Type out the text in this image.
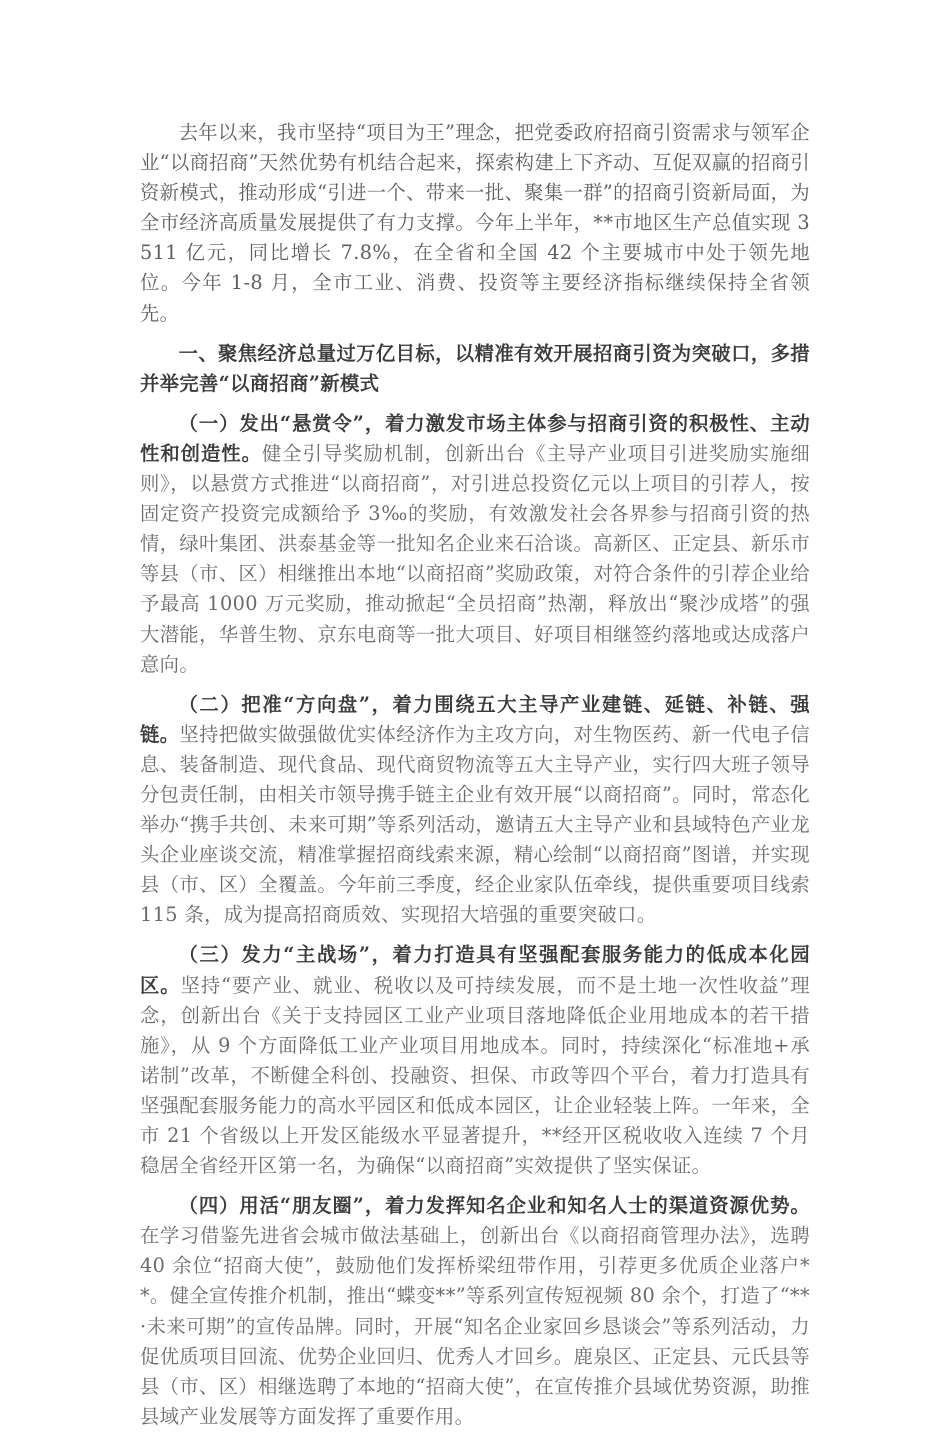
去年以来，我市坚持“项目为王”理念，把党委政府招商引资需求与领军企业“以商招商”天然优势有机结合起来，探索构建上下齐动、互促双赢的招商引资新模式，推动形成“引进一个、带来一批、聚集一群”的招商引资新局面，为全市经济高质量发展提供了有力支撑。今年上半年，**市地区生产总值实现 3511 亿元，同比增长 7.8%，在全省和全国 42 个主要城市中处于领先地位。今年 1-8 月，全市工业、消费、投资等主要经济指标继续保持全省领先。

一、聚焦经济总量过万亿目标，以精准有效开展招商引资为突破口，多措并举完善“以商招商”新模式

（一）发出“悬赏令”，着力激发市场主体参与招商引资的积极性、主动性和创造性。健全引导奖励机制，创新出台《主导产业项目引进奖励实施细则》，以悬赏方式推进“以商招商”，对引进总投资亿元以上项目的引荐人，按固定资产投资完成额给予 3‰的奖励，有效激发社会各界参与招商引资的热情，绿叶集团、洪泰基金等一批知名企业来石洽谈。高新区、正定县、新乐市等县（市、区）相继推出本地“以商招商”奖励政策，对符合条件的引荐企业给予最高 1000 万元奖励，推动掀起“全员招商”热潮，释放出“聚沙成塔”的强大潜能，华普生物、京东电商等一批大项目、好项目相继签约落地或达成落户意向。

（二）把准“方向盘”，着力围绕五大主导产业建链、延链、补链、强链。坚持把做实做强做优实体经济作为主攻方向，对生物医药、新一代电子信息、装备制造、现代食品、现代商贸物流等五大主导产业，实行四大班子领导分包责任制，由相关市领导携手链主企业有效开展“以商招商”。同时，常态化举办“携手共创、未来可期”等系列活动，邀请五大主导产业和县域特色产业龙头企业座谈交流，精准掌握招商线索来源，精心绘制“以商招商”图谱，并实现县（市、区）全覆盖。今年前三季度，经企业家队伍牵线，提供重要项目线索 115 条，成为提高招商质效、实现招大培强的重要突破口。

（三）发力“主战场”，着力打造具有坚强配套服务能力的低成本化园区。坚持“要产业、就业、税收以及可持续发展，而不是土地一次性收益”理念，创新出台《关于支持园区工业产业项目落地降低企业用地成本的若干措施》，从 9 个方面降低工业产业项目用地成本。同时，持续深化“标准地+承诺制”改革，不断健全科创、投融资、担保、市政等四个平台，着力打造具有坚强配套服务能力的高水平园区和低成本园区，让企业轻装上阵。一年来，全市 21 个省级以上开发区能级水平显著提升，**经开区税收收入连续 7 个月稳居全省经开区第一名，为确保“以商招商”实效提供了坚实保证。

（四）用活“朋友圈”，着力发挥知名企业和知名人士的渠道资源优势。在学习借鉴先进省会城市做法基础上，创新出台《以商招商管理办法》，选聘 40 余位“招商大使”，鼓励他们发挥桥梁纽带作用，引荐更多优质企业落户**。健全宣传推介机制，推出“蝶变**”等系列宣传短视频 80 余个，打造了“**·未来可期”的宣传品牌。同时，开展“知名企业家回乡恳谈会”等系列活动，力促优质项目回流、优势企业回归、优秀人才回乡。鹿泉区、正定县、元氏县等县（市、区）相继选聘了本地的“招商大使”，在宣传推介县域优势资源，助推县域产业发展等方面发挥了重要作用。
